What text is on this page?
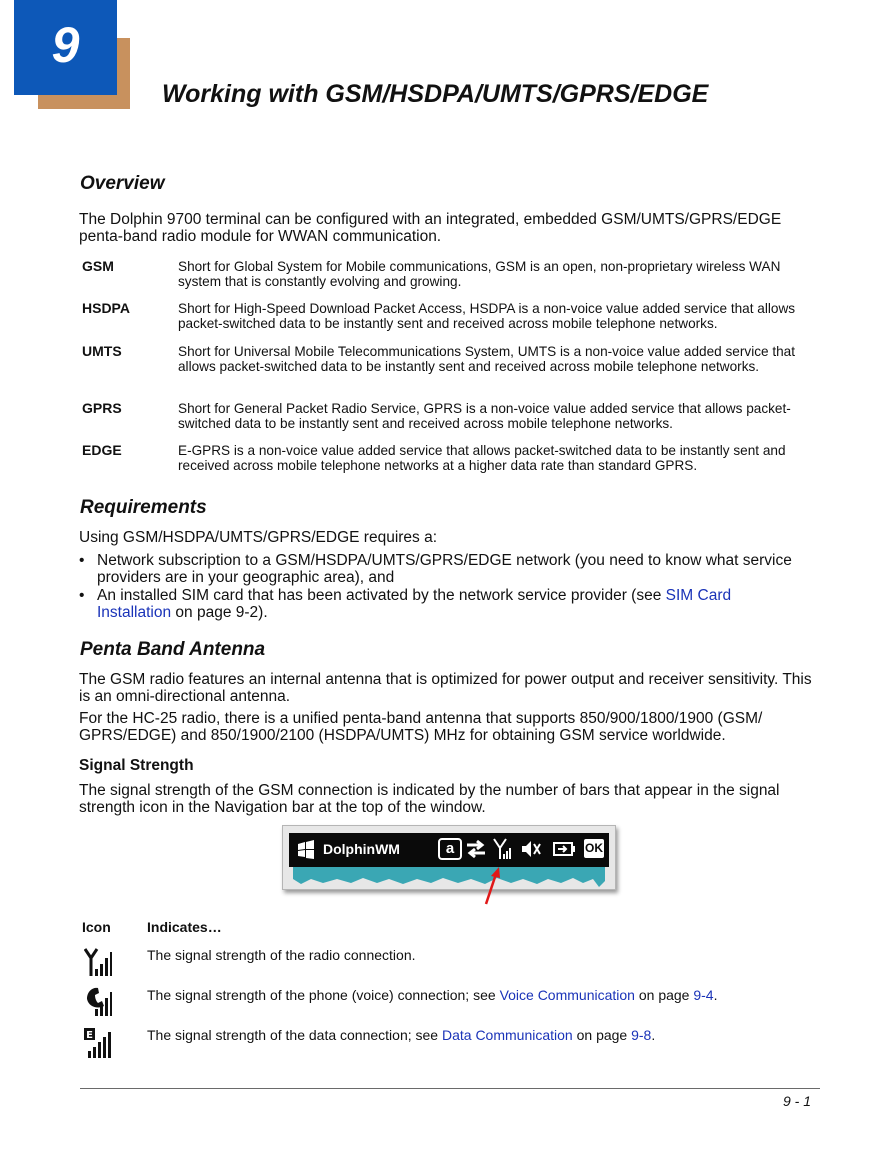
9
Working with GSM/HSDPA/UMTS/GPRS/EDGE
Overview

The Dolphin 9700 terminal can be configured with an integrated, embedded GSM/UMTS/GPRS/EDGE penta-band radio module for WWAN communication.

GSM	Short for Global System for Mobile communications, GSM is an open, non-proprietary wireless WAN system that is constantly evolving and growing.
HSDPA	Short for High-Speed Download Packet Access, HSDPA is a non-voice value added service that allows packet-switched data to be instantly sent and received across mobile telephone networks.
UMTS	Short for Universal Mobile Telecommunications System, UMTS is a non-voice value added service that allows packet-switched data to be instantly sent and received across mobile telephone networks.
GPRS	Short for General Packet Radio Service, GPRS is a non-voice value added service that allows packet-switched data to be instantly sent and received across mobile telephone networks.
EDGE	E-GPRS is a non-voice value added service that allows packet-switched data to be instantly sent and received across mobile telephone networks at a higher data rate than standard GPRS.
Requirements

Using GSM/HSDPA/UMTS/GPRS/EDGE requires a:

• Network subscription to a GSM/HSDPA/UMTS/GPRS/EDGE network (you need to know what service providers are in your geographic area), and

• An installed SIM card that has been activated by the network service provider (see SIM Card Installation on page 9-2).

Penta Band Antenna

The GSM radio features an internal antenna that is optimized for power output and receiver sensitivity. This is an omni-directional antenna.

For the HC-25 radio, there is a unified penta-band antenna that supports 850/900/1800/1900 (GSM/ GPRS/EDGE) and 850/1900/2100 (HSDPA/UMTS) MHz for obtaining GSM service worldwide.

Signal Strength

The signal strength of the GSM connection is indicated by the number of bars that appear in the signal strength icon in the Navigation bar at the top of the window.

DolphinWM	a	OK
Icon	Indicates…
The signal strength of the radio connection.
The signal strength of the phone (voice) connection; see Voice Communication on page 9-4.
E	The signal strength of the data connection; see Data Communication on page 9-8.
9 - 1
